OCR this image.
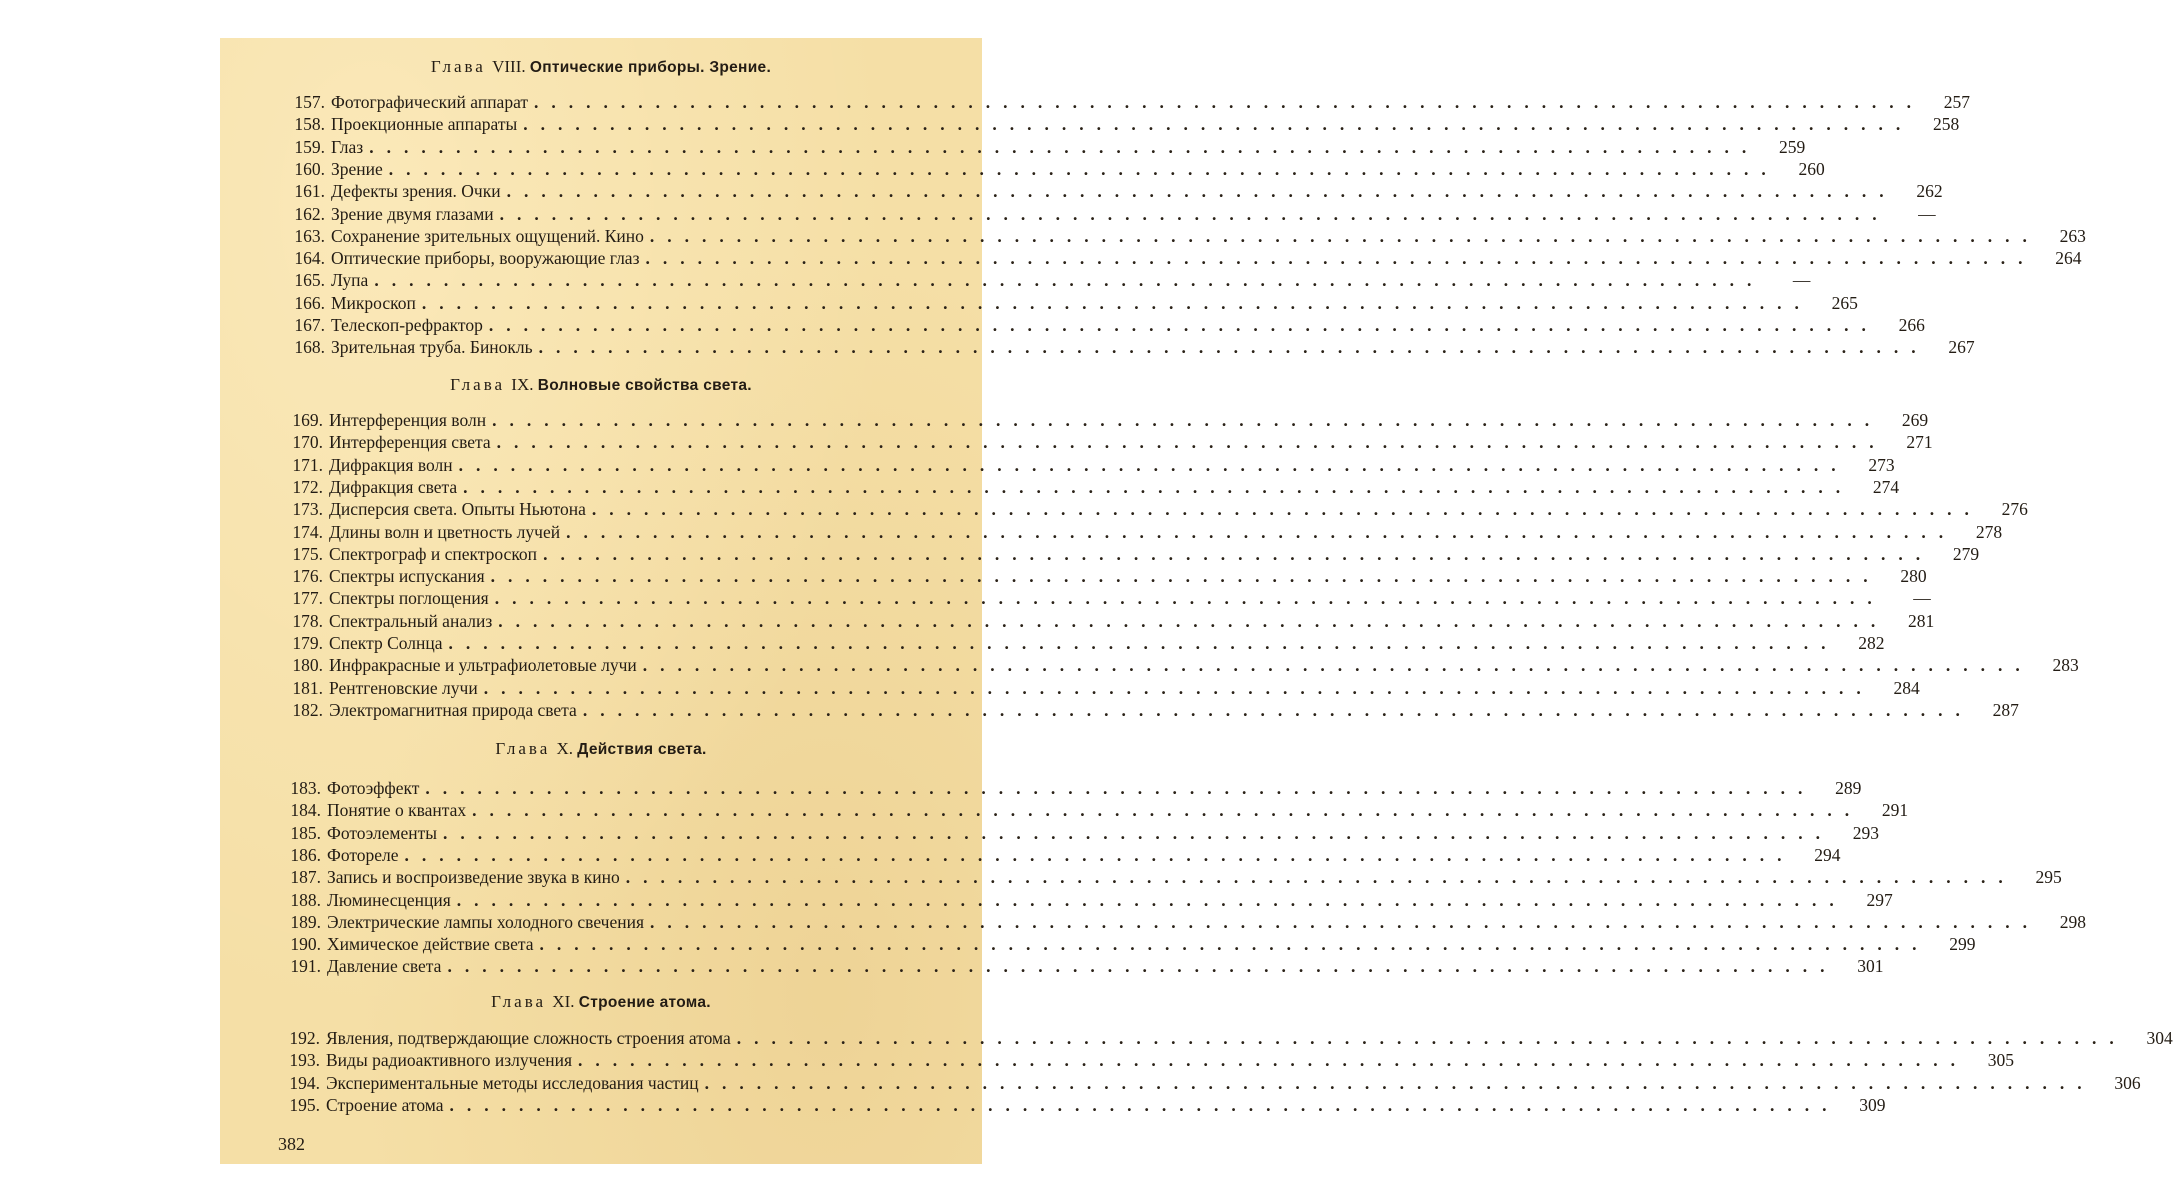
Глава VIII. Оптические приборы. Зрение.
157. Фотографический аппарат ................................................................................	257
158. Проекционные аппараты ................................................................................	258
159. Глаз ................................................................................	259
160. Зрение ................................................................................	260
161. Дефекты зрения. Очки ................................................................................	262
162. Зрение двумя глазами ................................................................................	—
163. Сохранение зрительных ощущений. Кино ................................................................................	263
164. Оптические приборы, вооружающие глаз ................................................................................	264
165. Лупа ................................................................................	—
166. Микроскоп ................................................................................	265
167. Телескоп-рефрактор ................................................................................	266
168. Зрительная труба. Бинокль ................................................................................	267
Глава IX. Волновые свойства света.
169. Интерференция волн ................................................................................	269
170. Интерференция света ................................................................................	271
171. Дифракция волн ................................................................................	273
172. Дифракция света ................................................................................	274
173. Дисперсия света. Опыты Ньютона ................................................................................	276
174. Длины волн и цветность лучей ................................................................................	278
175. Спектрограф и спектроскоп ................................................................................	279
176. Спектры испускания ................................................................................	280
177. Спектры поглощения ................................................................................	—
178. Спектральный анализ ................................................................................	281
179. Спектр Солнца ................................................................................	282
180. Инфракрасные и ультрафиолетовые лучи ................................................................................	283
181. Рентгеновские лучи ................................................................................	284
182. Электромагнитная природа света ................................................................................	287
Глава X. Действия света.
183. Фотоэффект ................................................................................	289
184. Понятие о квантах ................................................................................	291
185. Фотоэлементы ................................................................................	293
186. Фотореле ................................................................................	294
187. Запись и воспроизведение звука в кино ................................................................................	295
188. Люминесценция ................................................................................	297
189. Электрические лампы холодного свечения ................................................................................	298
190. Химическое действие света ................................................................................	299
191. Давление света ................................................................................	301
Глава XI. Строение атома.
192. Явления, подтверждающие сложность строения атома ................................................................................	304
193. Виды радиоактивного излучения ................................................................................	305
194. Экспериментальные методы исследования частиц ................................................................................	306
195. Строение атома ................................................................................	309
382
